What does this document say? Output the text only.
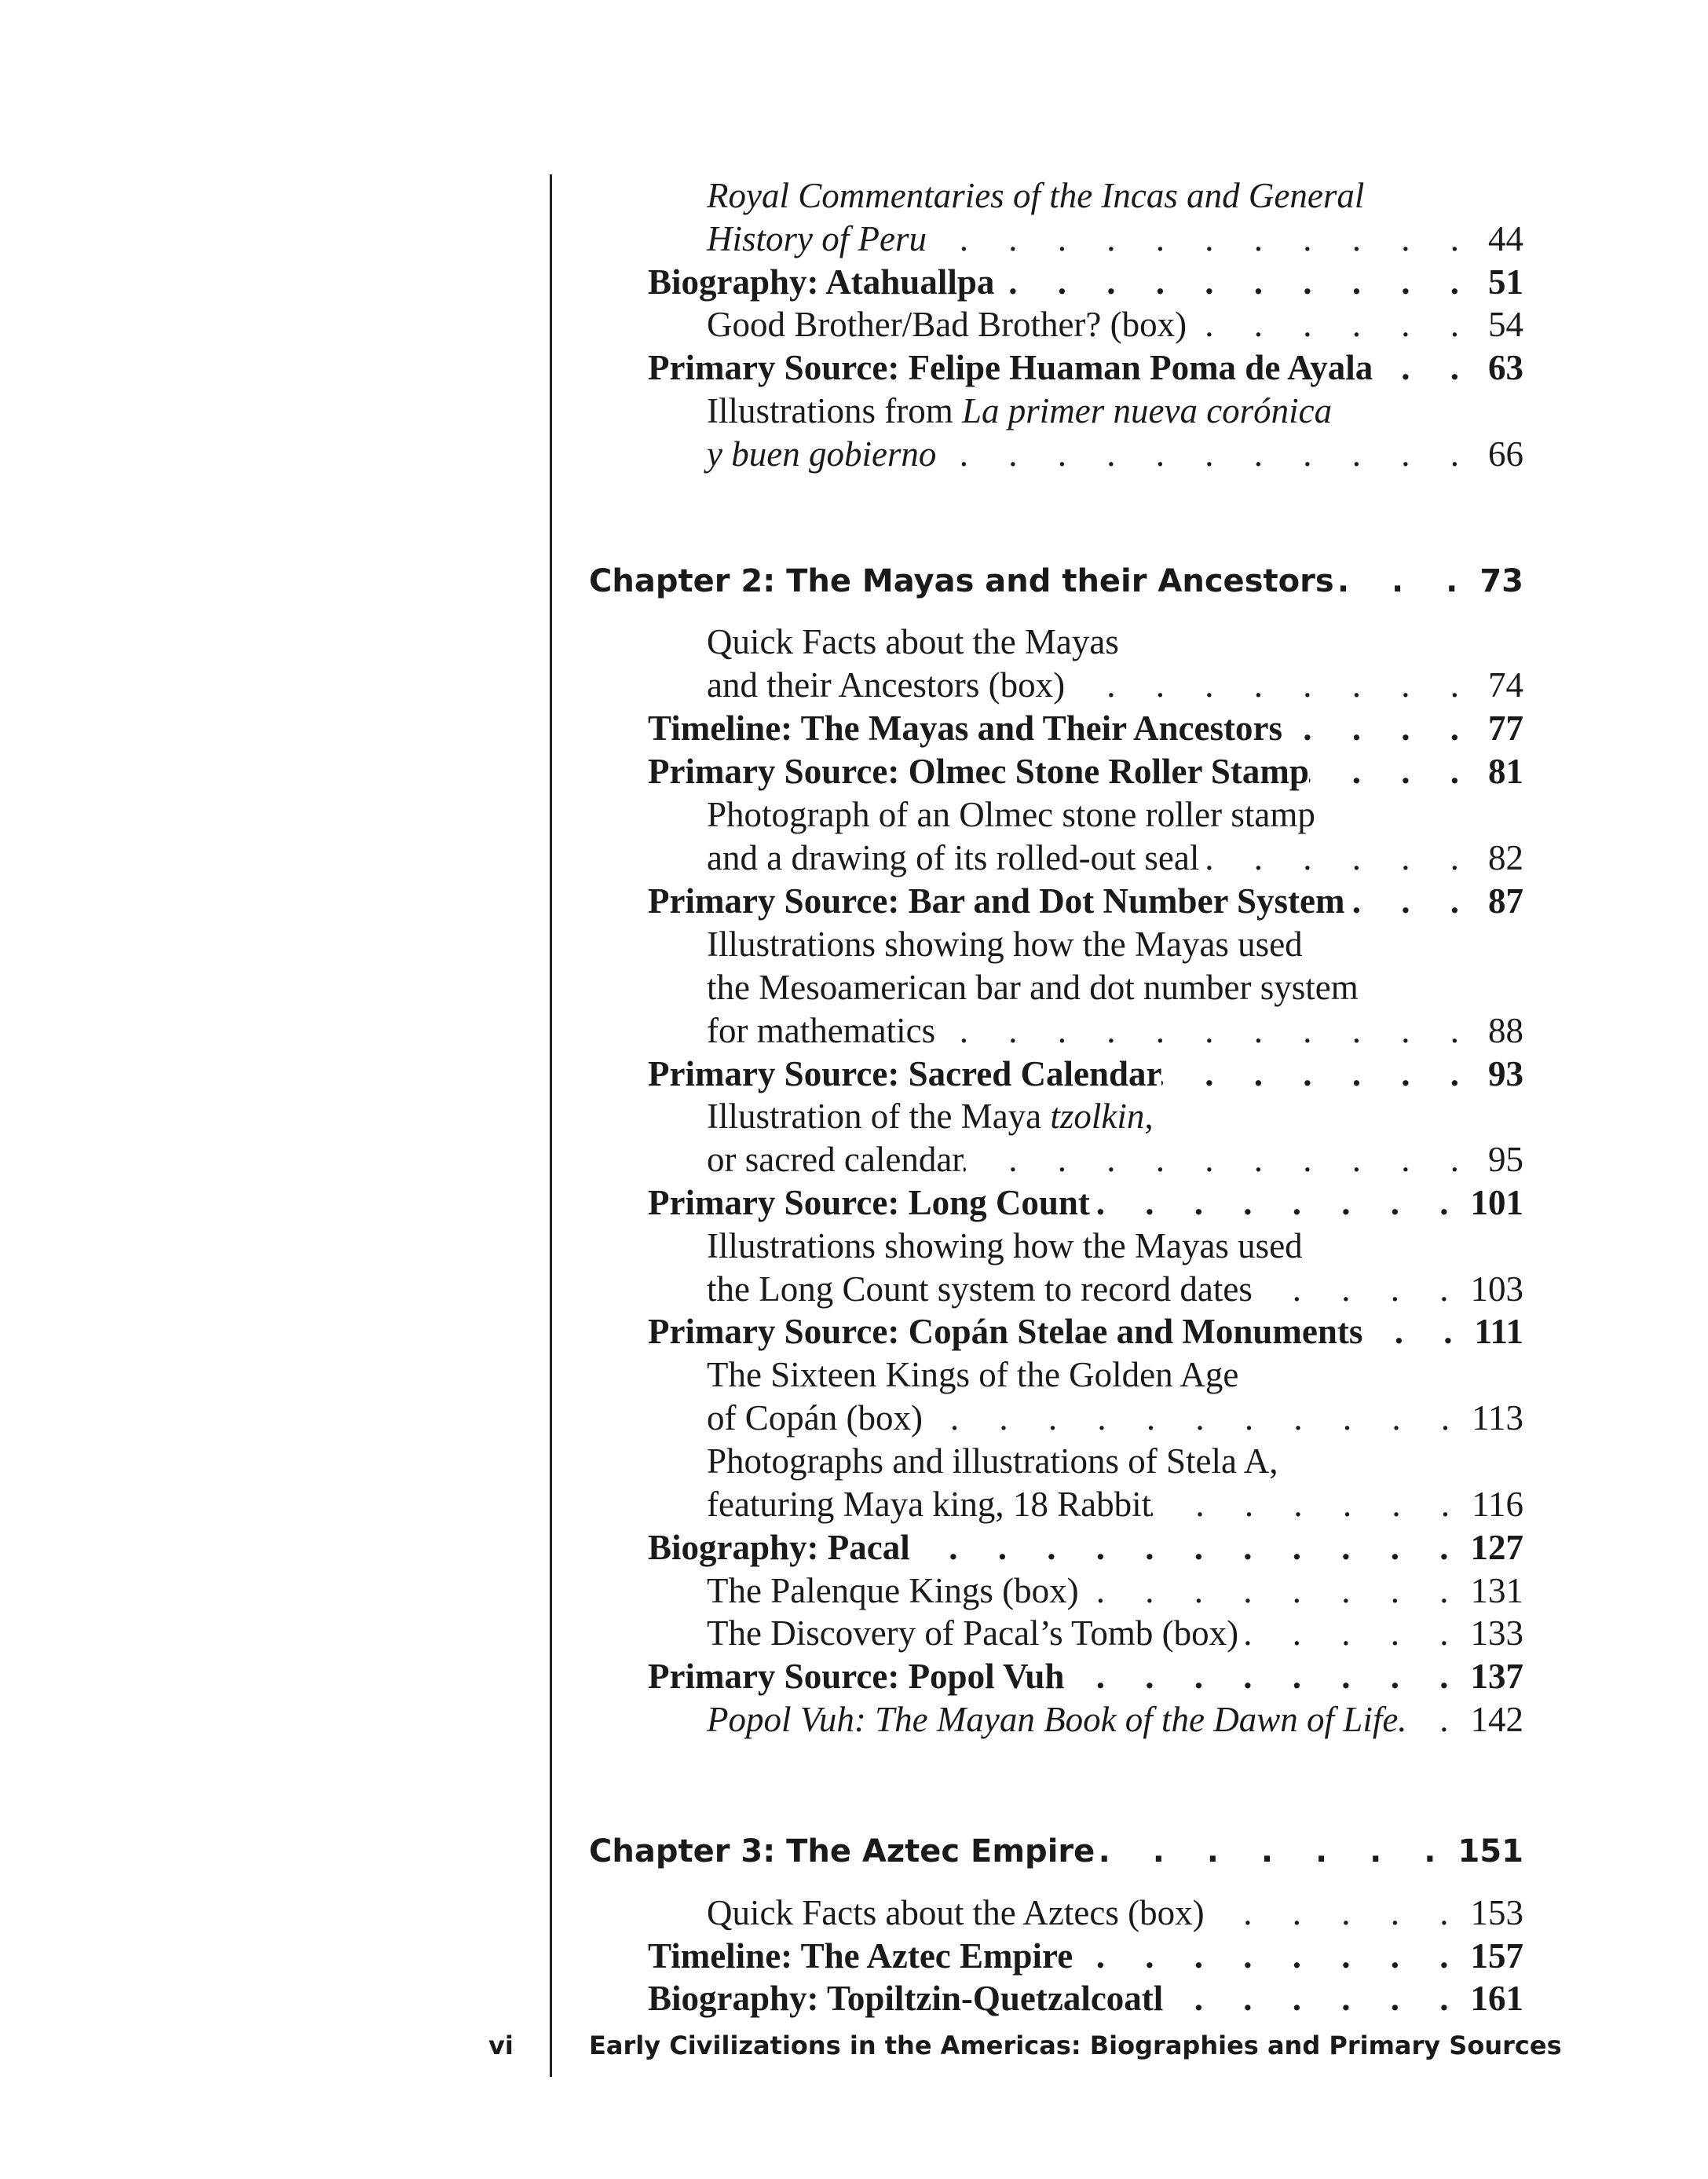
Royal Commentaries of the Incas and General
History of Peru . . .	44
Biography: Atahuallpa . . .	51
Good Brother/Bad Brother? (box) . . .	54
Primary Source: Felipe Huaman Poma de Ayala . . .	63
Illustrations from La primer nueva corónica
y buen gobierno . . .	66
Chapter 2: The Mayas and their Ancestors . . .	73
Quick Facts about the Mayas
and their Ancestors (box) . . .	74
Timeline: The Mayas and Their Ancestors . . .	77
Primary Source: Olmec Stone Roller Stamp . . .	81
Photograph of an Olmec stone roller stamp
and a drawing of its rolled-out seal . . .	82
Primary Source: Bar and Dot Number System . . .	87
Illustrations showing how the Mayas used
the Mesoamerican bar and dot number system
for mathematics . . .	88
Primary Source: Sacred Calendar . . .	93
Illustration of the Maya tzolkin,
or sacred calendar . . .	95
Primary Source: Long Count . . .	101
Illustrations showing how the Mayas used
the Long Count system to record dates . . .	103
Primary Source: Copán Stelae and Monuments . . .	111
The Sixteen Kings of the Golden Age
of Copán (box) . . .	113
Photographs and illustrations of Stela A,
featuring Maya king, 18 Rabbit . . .	116
Biography: Pacal . . .	127
The Palenque Kings (box) . . .	131
The Discovery of Pacal’s Tomb (box) . . .	133
Primary Source: Popol Vuh . . .	137
Popol Vuh: The Mayan Book of the Dawn of Life. . . . 142
Chapter 3: The Aztec Empire . . .	151
Quick Facts about the Aztecs (box) . . .	153
Timeline: The Aztec Empire . . .	157
Biography: Topiltzin-Quetzalcoatl . . .	161
vi	Early Civilizations in the Americas: Biographies and Primary Sources
